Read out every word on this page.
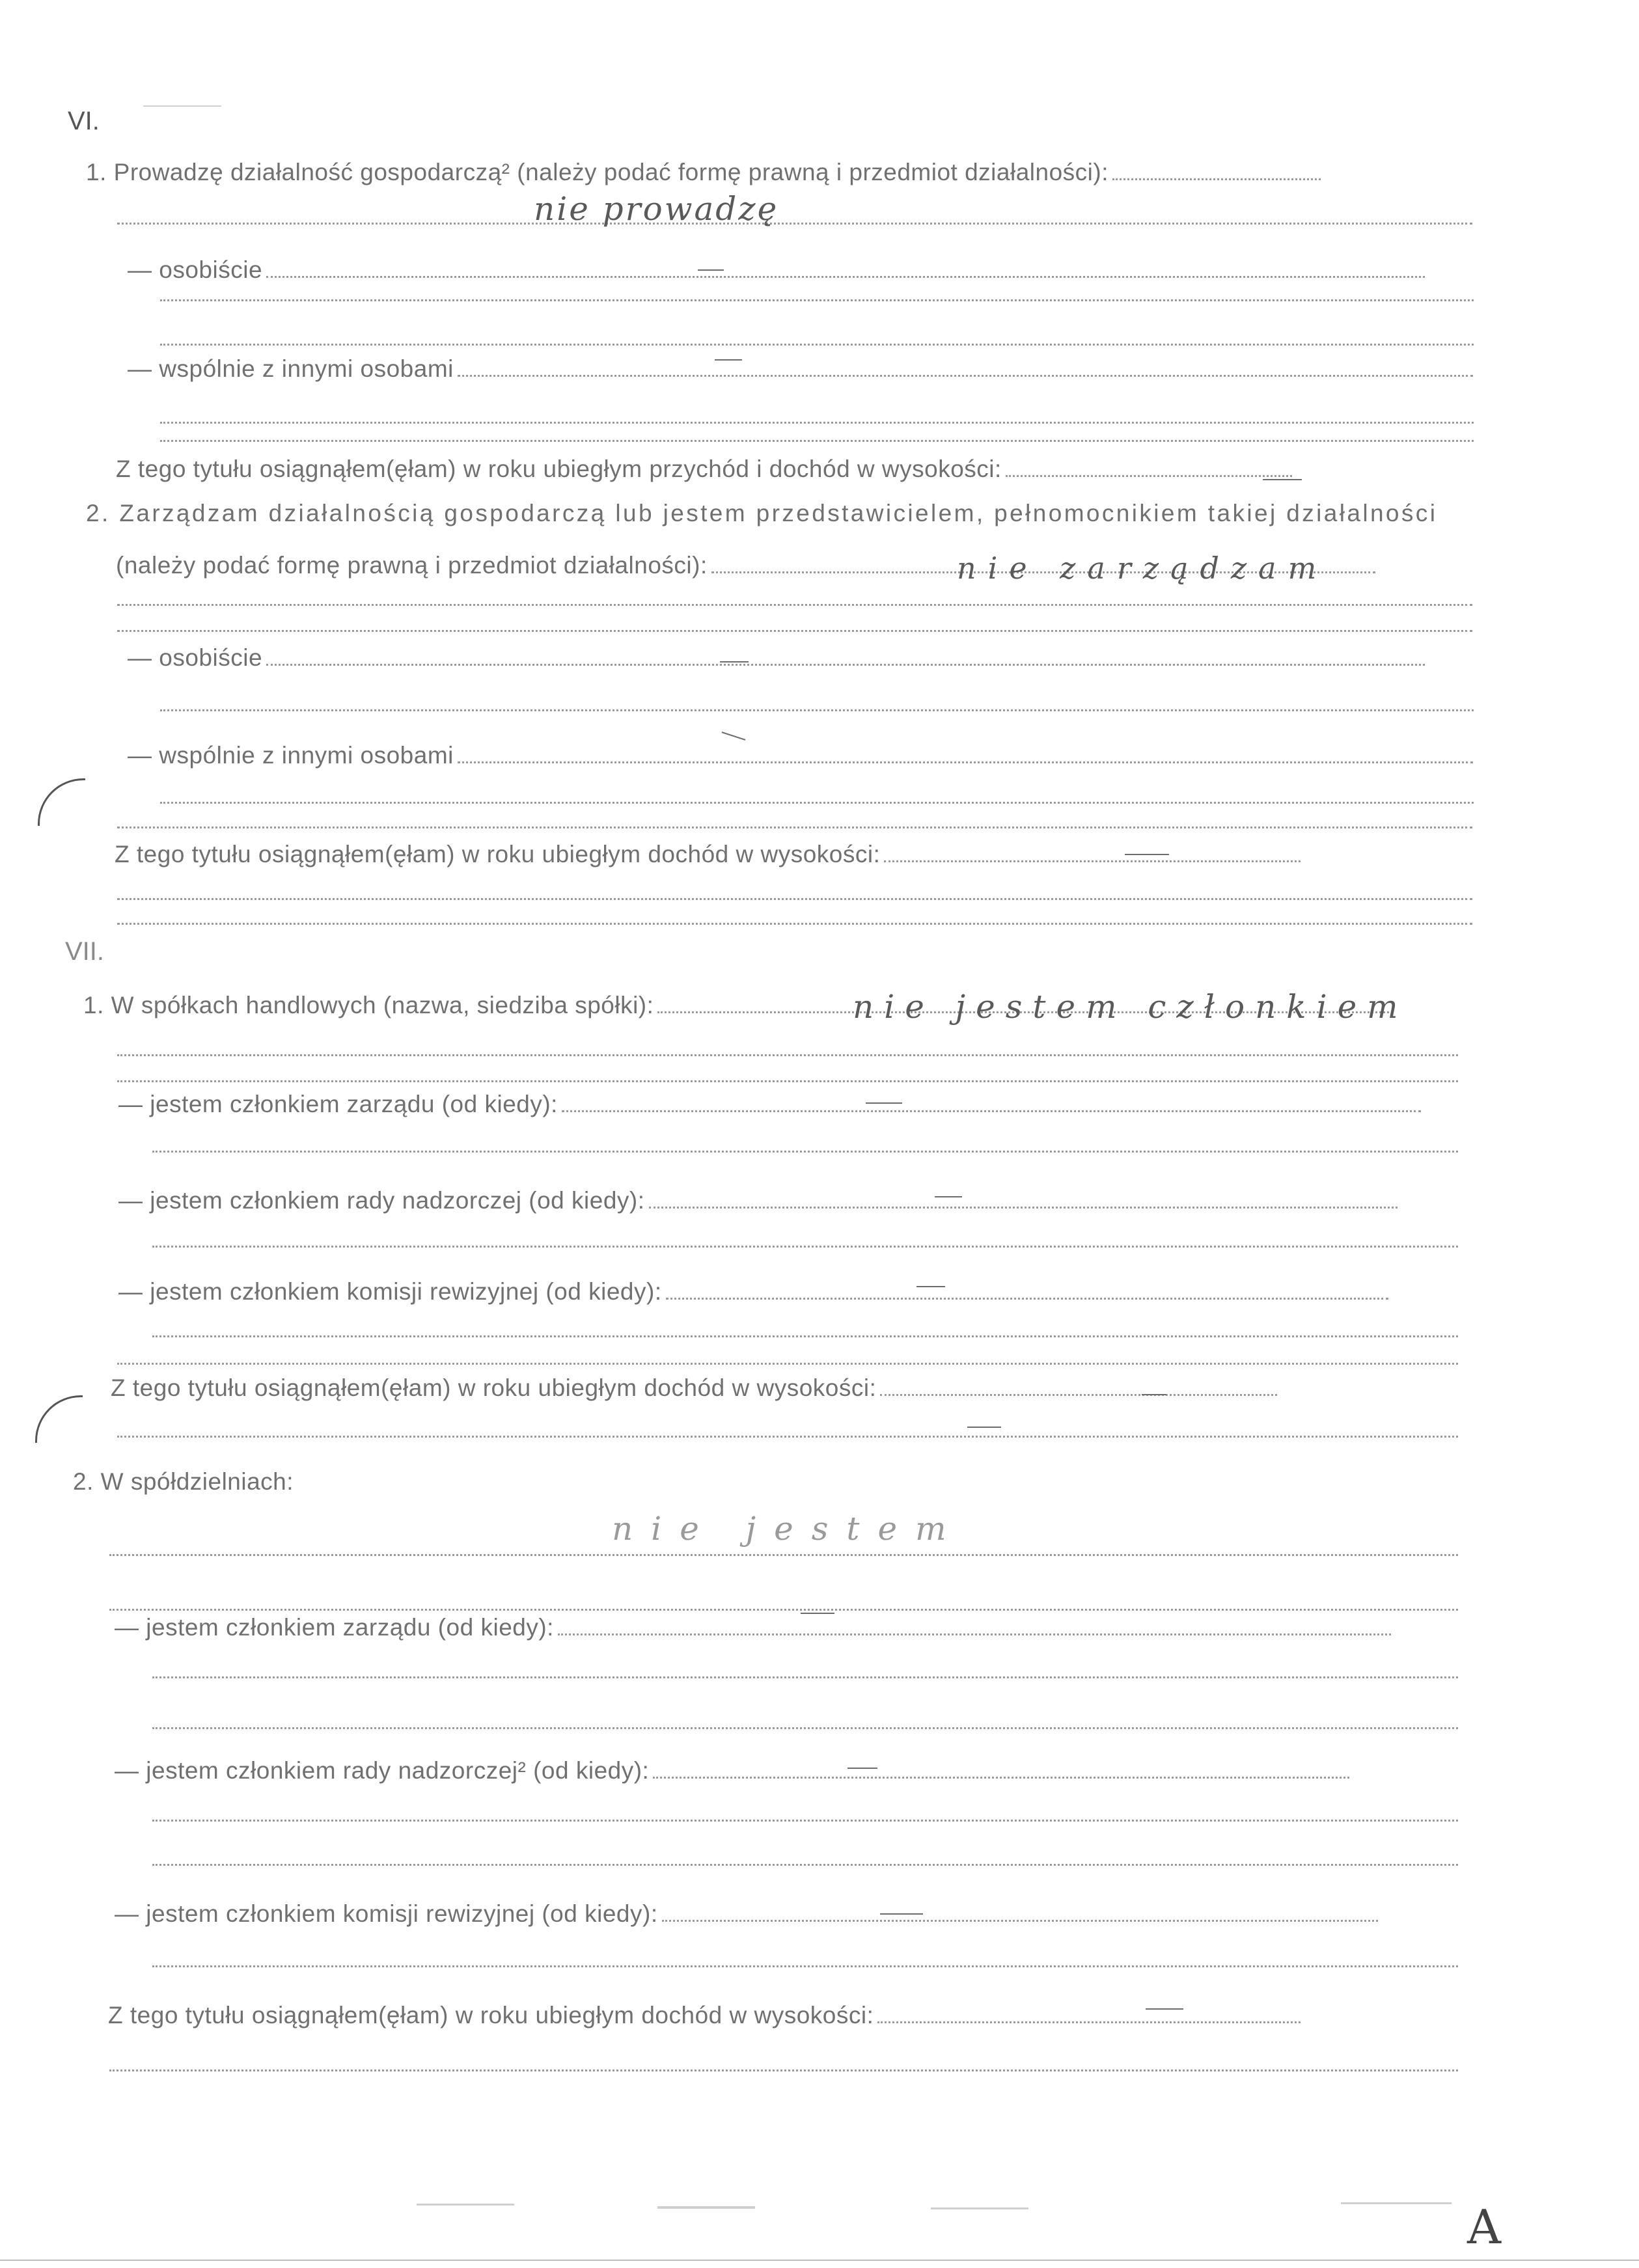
VI.
1. Prowadzę działalność gospodarczą² (należy podać formę prawną i przedmiot działalności):
nie prowadzę
— osobiście
— wspólnie z innymi osobami
Z tego tytułu osiągnąłem(ęłam) w roku ubiegłym przychód i dochód w wysokości:
2. Zarządzam działalnością gospodarczą lub jestem przedstawicielem, pełnomocnikiem takiej działalności
(należy podać formę prawną i przedmiot działalności):	nie zarządzam
— osobiście
— wspólnie z innymi osobami
Z tego tytułu osiągnąłem(ęłam) w roku ubiegłym dochód w wysokości:
VII.
1. W spółkach handlowych (nazwa, siedziba spółki):	nie jestem członkiem
— jestem członkiem zarządu (od kiedy):
— jestem członkiem rady nadzorczej (od kiedy):
— jestem członkiem komisji rewizyjnej (od kiedy):
Z tego tytułu osiągnąłem(ęłam) w roku ubiegłym dochód w wysokości:
2. W spółdzielniach:
nie jestem
— jestem członkiem zarządu (od kiedy):
— jestem członkiem rady nadzorczej² (od kiedy):
— jestem członkiem komisji rewizyjnej (od kiedy):
Z tego tytułu osiągnąłem(ęłam) w roku ubiegłym dochód w wysokości:
A
